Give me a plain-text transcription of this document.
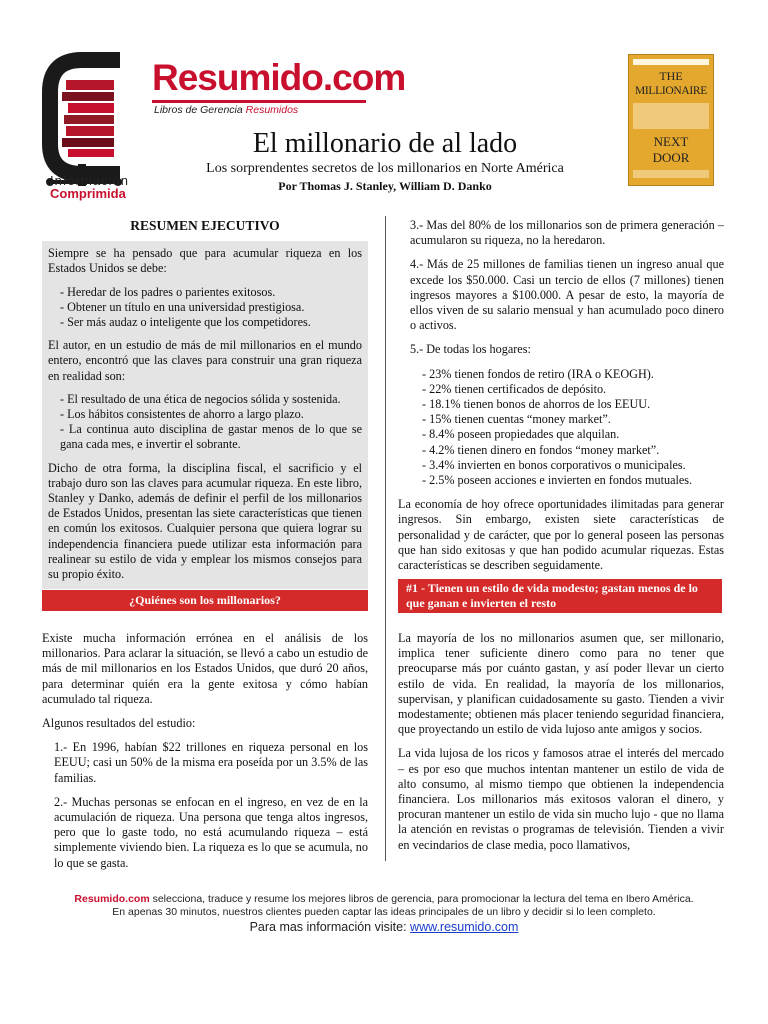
Resumido.com
Libros de Gerencia Resumidos
Información
Comprimida
El millonario de al lado
Los sorprendentes secretos de los millonarios en Norte América
Por Thomas J. Stanley, William D. Danko
THE
MILLIONAIRE
NEXT
DOOR
RESUMEN EJECUTIVO

Siempre se ha pensado que para acumular riqueza en los Estados Unidos se debe:

- Heredar de los padres o parientes exitosos.
- Obtener un título en una universidad prestigiosa.
- Ser más audaz o inteligente que los competidores.

El autor, en un estudio de más de mil millonarios en el mundo entero, encontró que las claves para construir una gran riqueza en realidad son:

- El resultado de una ética de negocios sólida y sostenida.
- Los hábitos consistentes de ahorro a largo plazo.
- La continua auto disciplina de gastar menos de lo que se gana cada mes, e invertir el sobrante.

Dicho de otra forma, la disciplina fiscal, el sacrificio y el trabajo duro son las claves para acumular riqueza. En este libro, Stanley y Danko, además de definir el perfil de los millonarios de Estados Unidos, presentan las siete características que tienen en común los exitosos. Cualquier persona que quiera lograr su independencia financiera puede utilizar esta información para realinear su estilo de vida y emplear los mismos consejos para su propio éxito.

3.- Mas del 80% de los millonarios son de primera generación – acumularon su riqueza, no la heredaron.

4.- Más de 25 millones de familias tienen un ingreso anual que excede los $50.000. Casi un tercio de ellos (7 millones) tienen ingresos mayores a $100.000. A pesar de esto, la mayoría de ellos viven de su salario mensual y han acumulado poco dinero o activos.

5.- De todas los hogares:

- 23% tienen fondos de retiro (IRA o KEOGH).
- 22% tienen certificados de depósito.
- 18.1% tienen bonos de ahorros de los EEUU.
- 15% tienen cuentas “money market”.
- 8.4% poseen propiedades que alquilan.
- 4.2% tienen dinero en fondos “money market”.
- 3.4% invierten en bonos corporativos o municipales.
- 2.5% poseen acciones e invierten en fondos mutuales.

La economía de hoy ofrece oportunidades ilimitadas para generar ingresos. Sin embargo, existen siete características de personalidad y de carácter, que por lo general poseen las personas que han sido exitosas y que han podido acumular riquezas. Estas características se describen seguidamente.

¿Quiénes son los millonarios?
#1 - Tienen un estilo de vida modesto; gastan menos de lo que ganan e invierten el resto

Existe mucha información errónea en el análisis de los millonarios. Para aclarar la situación, se llevó a cabo un estudio de más de mil millonarios en los Estados Unidos, que duró 20 años, para determinar quién era la gente exitosa y cómo habían acumulado tal riqueza.

Algunos resultados del estudio:

1.- En 1996, habían $22 trillones en riqueza personal en los EEUU; casi un 50% de la misma era poseída por un 3.5% de las familias.

2.- Muchas personas se enfocan en el ingreso, en vez de en la acumulación de riqueza. Una persona que tenga altos ingresos, pero que lo gaste todo, no está acumulando riqueza – está simplemente viviendo bien. La riqueza es lo que se acumula, no lo que se gasta.

La mayoría de los no millonarios asumen que, ser millonario, implica tener suficiente dinero como para no tener que preocuparse más por cuánto gastan, y así poder llevar un cierto estilo de vida. En realidad, la mayoría de los millonarios, supervisan, y planifican cuidadosamente su gasto. Tienden a vivir modestamente; obtienen más placer teniendo seguridad financiera, que proyectando un estilo de vida lujoso ante amigos y socios.

La vida lujosa de los ricos y famosos atrae el interés del mercado – es por eso que muchos intentan mantener un estilo de vida de alto consumo, al mismo tiempo que obtienen la independencia financiera. Los millonarios más exitosos valoran el dinero, y procuran mantener un estilo de vida sin mucho lujo - que no llama la atención en revistas o programas de televisión. Tienden a vivir en vecindarios de clase media, poco llamativos,

Resumido.com selecciona, traduce y resume los mejores libros de gerencia, para promocionar la lectura del tema en Ibero América.
En apenas 30 minutos, nuestros clientes pueden captar las ideas principales de un libro y decidir si lo leen completo.
Para mas información visite: www.resumido.com
